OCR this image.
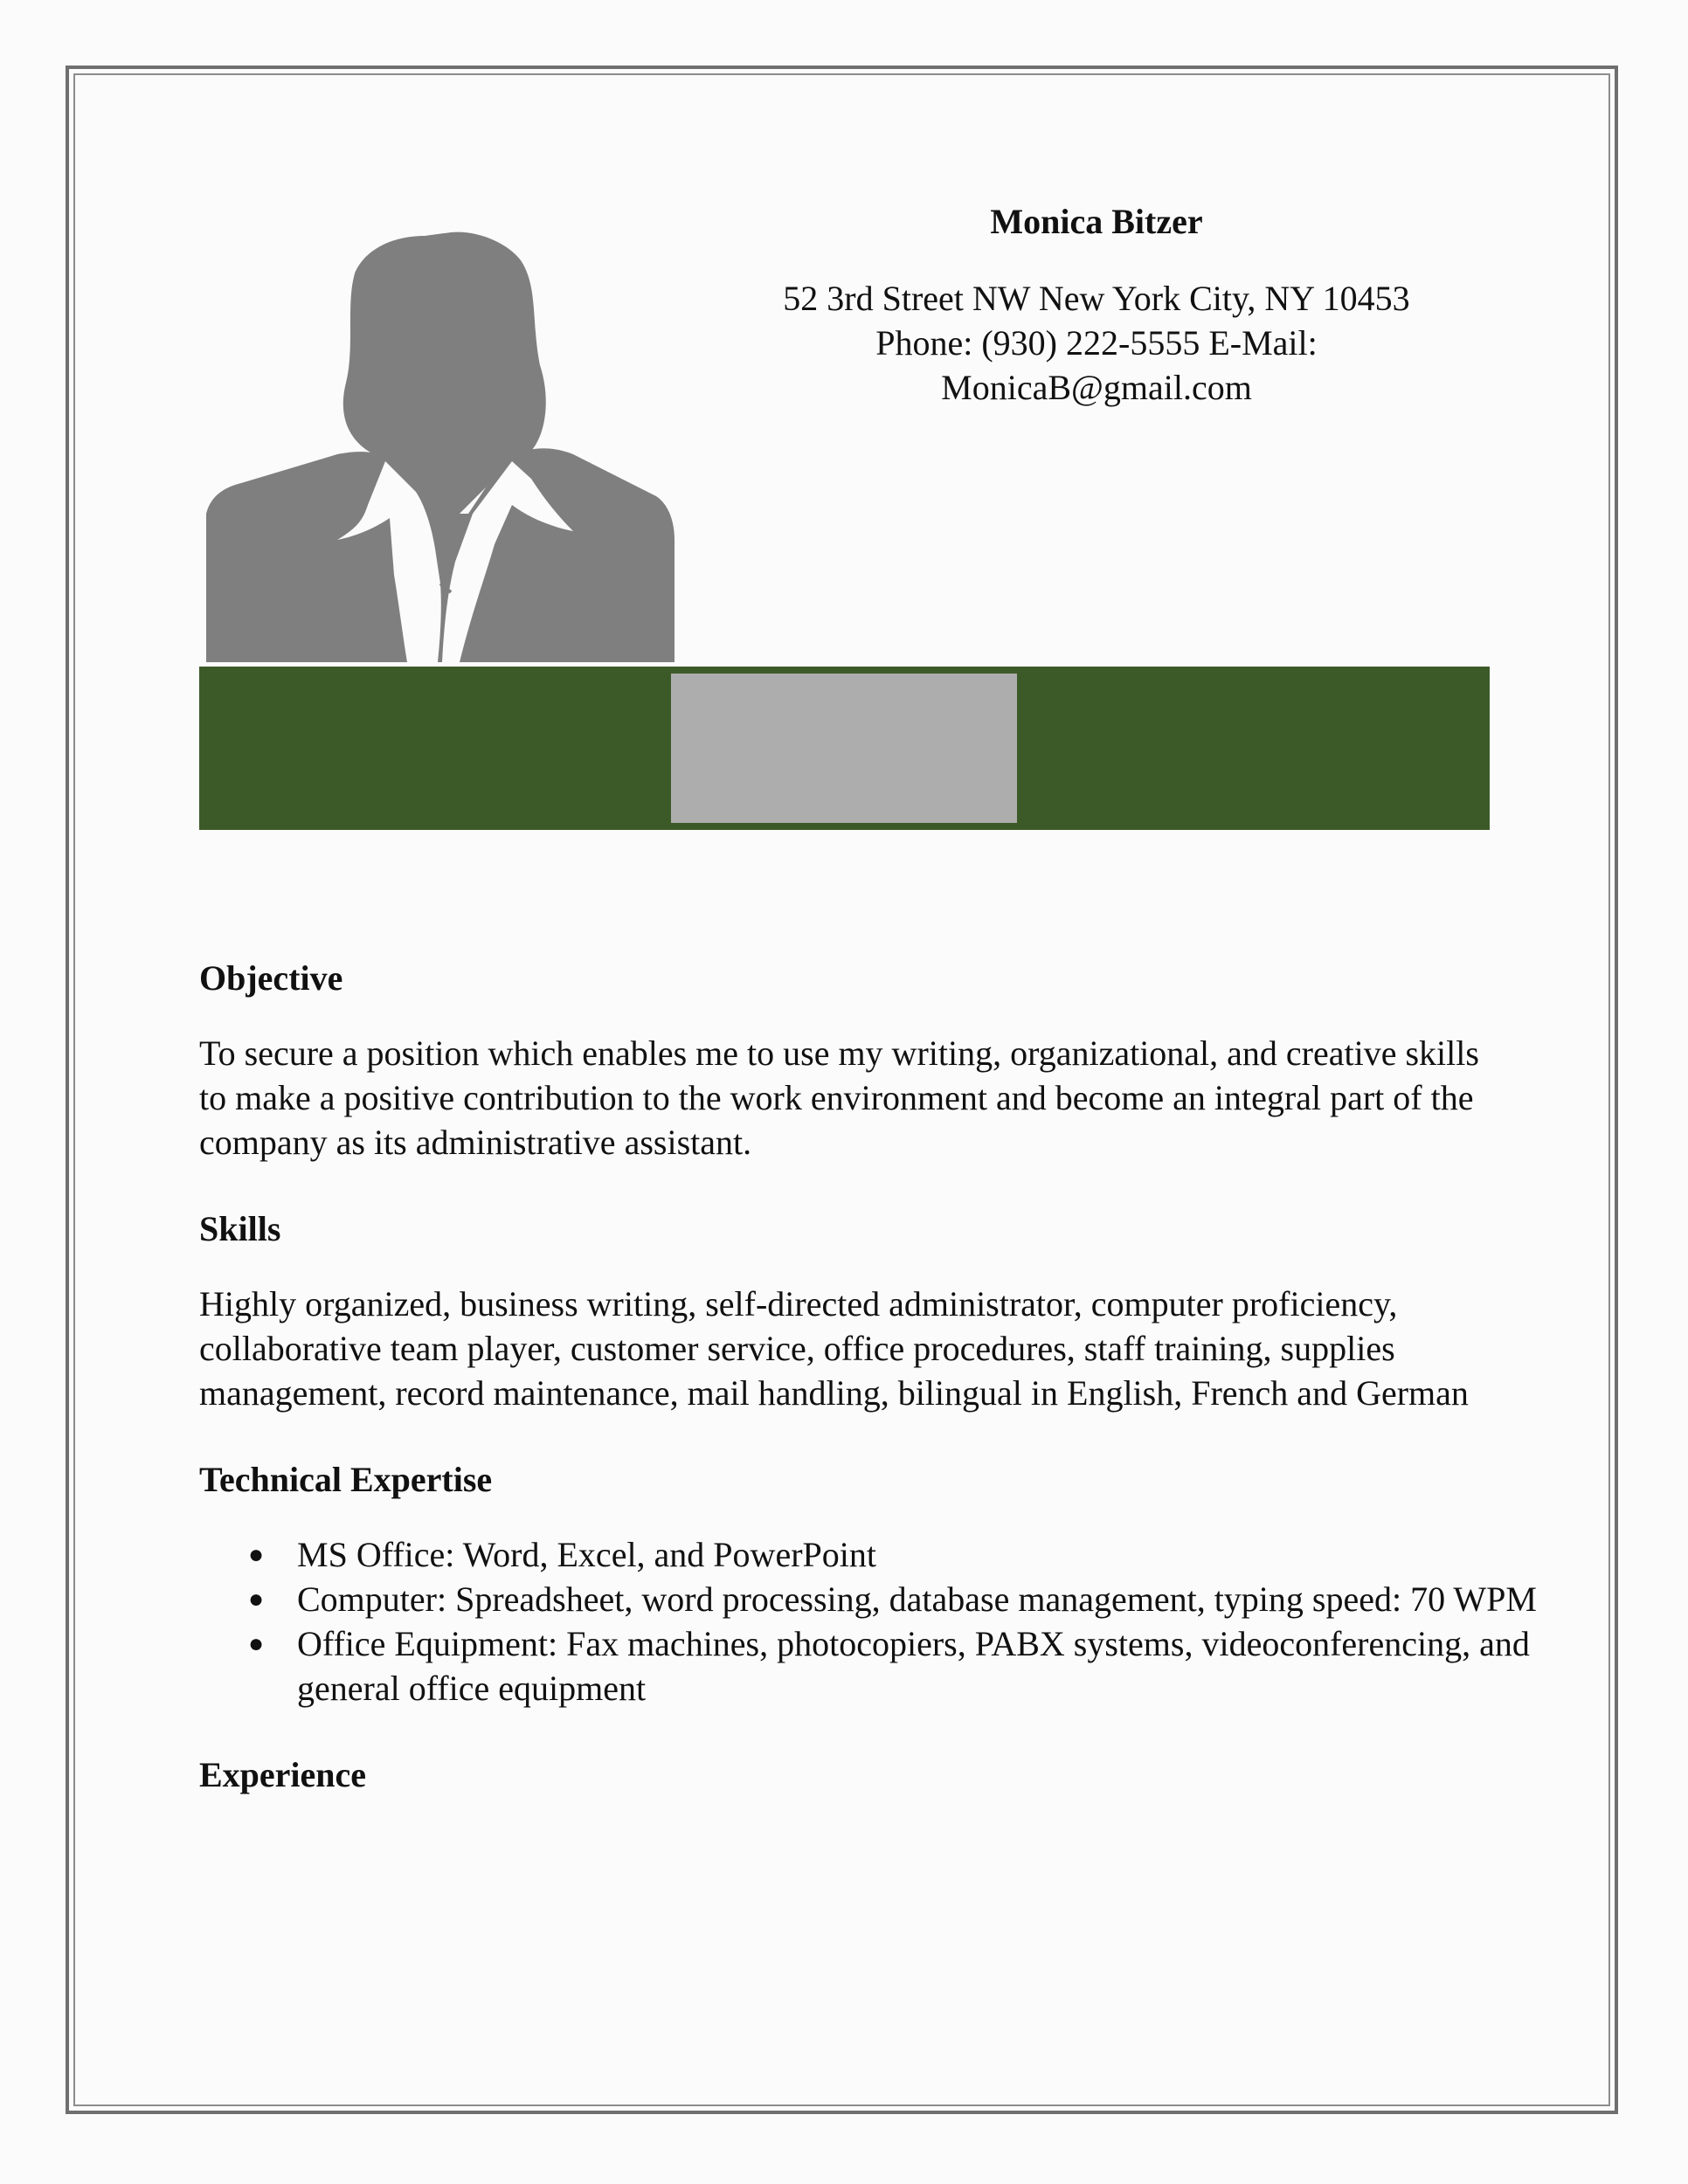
Monica Bitzer
52 3rd Street NW New York City, NY 10453
Phone: (930) 222-5555 E-Mail:
MonicaB@gmail.com
Objective
To secure a position which enables me to use my writing, organizational, and creative skills to make a positive contribution to the work environment and become an integral part of the company as its administrative assistant.
Skills
Highly organized, business writing, self-directed administrator, computer proficiency, collaborative team player, customer service, office procedures, staff training, supplies management, record maintenance, mail handling, bilingual in English, French and German
Technical Expertise
● MS Office: Word, Excel, and PowerPoint
● Computer: Spreadsheet, word processing, database management, typing speed: 70 WPM
● Office Equipment: Fax machines, photocopiers, PABX systems, videoconferencing, and general office equipment
Experience
